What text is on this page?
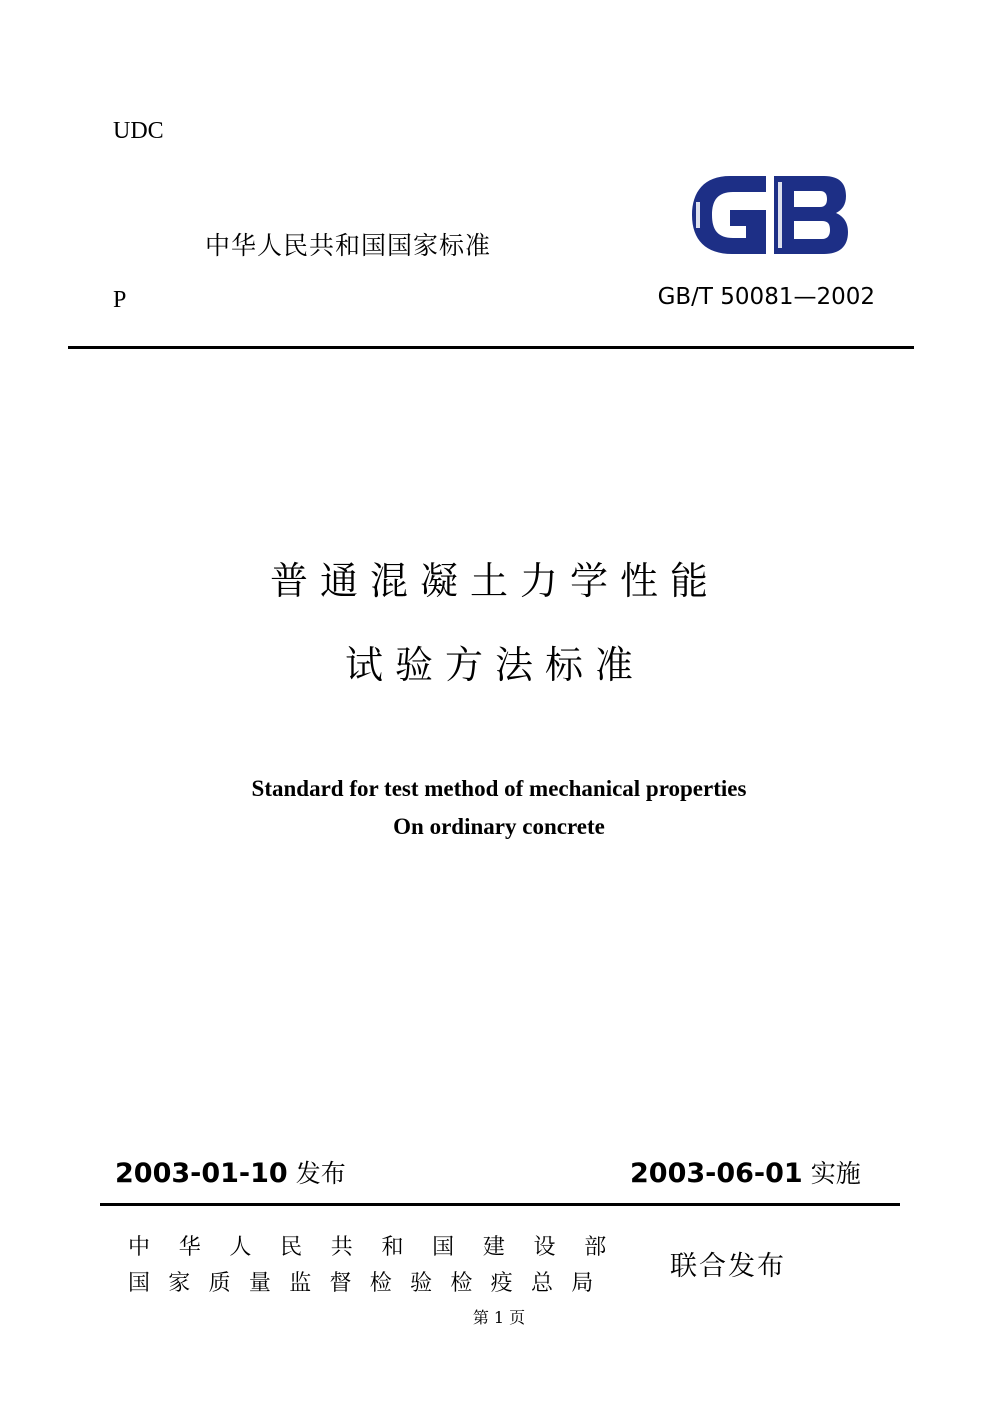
UDC
中华人民共和国国家标准
GB
P	GB/T 50081—2002
普通混凝土力学性能
试验方法标准
Standard for test method of mechanical properties
On ordinary concrete
2003-01-10 发布	2003-06-01 实施
中 华 人 民 共 和 国 建 设 部
国 家 质 量 监 督 检 验 检 疫 总 局
联合发布
第 1 页
